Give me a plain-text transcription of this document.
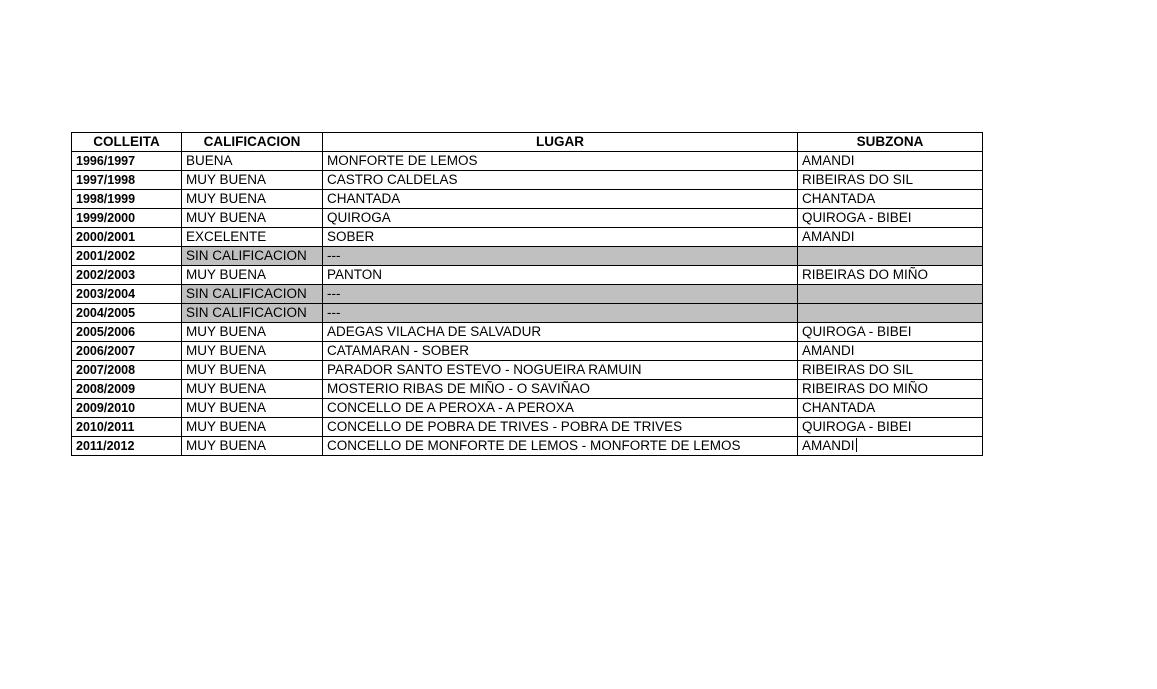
COLLEITA	CALIFICACION	LUGAR	SUBZONA
1996/1997	BUENA	MONFORTE DE LEMOS	AMANDI
1997/1998	MUY BUENA	CASTRO CALDELAS	RIBEIRAS DO SIL
1998/1999	MUY BUENA	CHANTADA	CHANTADA
1999/2000	MUY BUENA	QUIROGA	QUIROGA - BIBEI
2000/2001	EXCELENTE	SOBER	AMANDI
2001/2002	SIN CALIFICACION	---	
2002/2003	MUY BUENA	PANTON	RIBEIRAS DO MIÑO
2003/2004	SIN CALIFICACION	---	
2004/2005	SIN CALIFICACION	---	
2005/2006	MUY BUENA	ADEGAS VILACHA DE SALVADUR	QUIROGA - BIBEI
2006/2007	MUY BUENA	CATAMARAN - SOBER	AMANDI
2007/2008	MUY BUENA	PARADOR SANTO ESTEVO - NOGUEIRA RAMUIN	RIBEIRAS DO SIL
2008/2009	MUY BUENA	MOSTERIO RIBAS DE MIÑO - O SAVIÑAO	RIBEIRAS DO MIÑO
2009/2010	MUY BUENA	CONCELLO DE A PEROXA - A PEROXA	CHANTADA
2010/2011	MUY BUENA	CONCELLO DE POBRA DE TRIVES - POBRA DE TRIVES	QUIROGA - BIBEI
2011/2012	MUY BUENA	CONCELLO DE MONFORTE DE LEMOS - MONFORTE DE LEMOS	AMANDI
